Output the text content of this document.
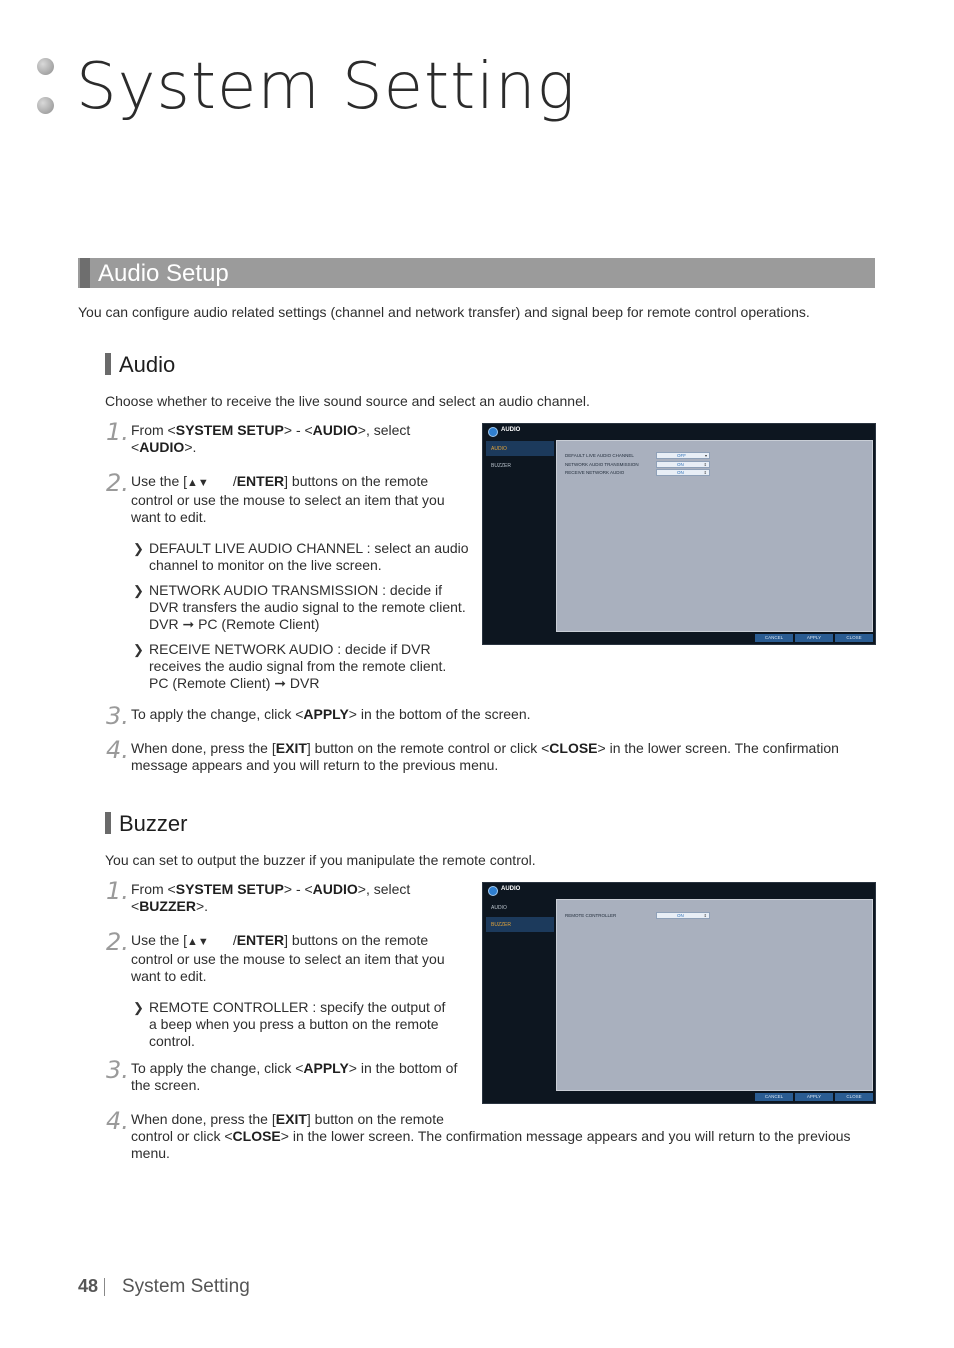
System Setting
Audio Setup
You can configure audio related settings (channel and network transfer) and signal beep for remote control operations.
Audio
Choose whether to receive the live sound source and select an audio channel.
1. From <SYSTEM SETUP> - <AUDIO>, select
<AUDIO>.
2. Use the [▲▼ /ENTER] buttons on the remote
control or use the mouse to select an item that you
want to edit.
❯ DEFAULT LIVE AUDIO CHANNEL : select an audio
channel to monitor on the live screen.
❯ NETWORK AUDIO TRANSMISSION : decide if
DVR transfers the audio signal to the remote client.
DVR ➞ PC (Remote Client)
❯ RECEIVE NETWORK AUDIO : decide if DVR
receives the audio signal from the remote client.
PC (Remote Client) ➞ DVR
AUDIO
AUDIO
BUZZER
DEFAULT LIVE AUDIO CHANNEL	OFF	▾
NETWORK AUDIO TRANSMISSION	ON	⇕
RECEIVE NETWORK AUDIO	ON	⇕
CANCEL	APPLY	CLOSE
3. To apply the change, click <APPLY> in the bottom of the screen.
4. When done, press the [EXIT] button on the remote control or click <CLOSE> in the lower screen. The confirmation
message appears and you will return to the previous menu.
Buzzer
You can set to output the buzzer if you manipulate the remote control.
1. From <SYSTEM SETUP> - <AUDIO>, select
<BUZZER>.
2. Use the [▲▼ /ENTER] buttons on the remote
control or use the mouse to select an item that you
want to edit.
❯ REMOTE CONTROLLER : specify the output of
a beep when you press a button on the remote
control.
AUDIO
AUDIO
BUZZER
REMOTE CONTROLLER	ON	⇕
CANCEL	APPLY	CLOSE
3. To apply the change, click <APPLY> in the bottom of
the screen.
4. When done, press the [EXIT] button on the remote
control or click <CLOSE> in the lower screen. The confirmation message appears and you will return to the previous
menu.
48 System Setting
